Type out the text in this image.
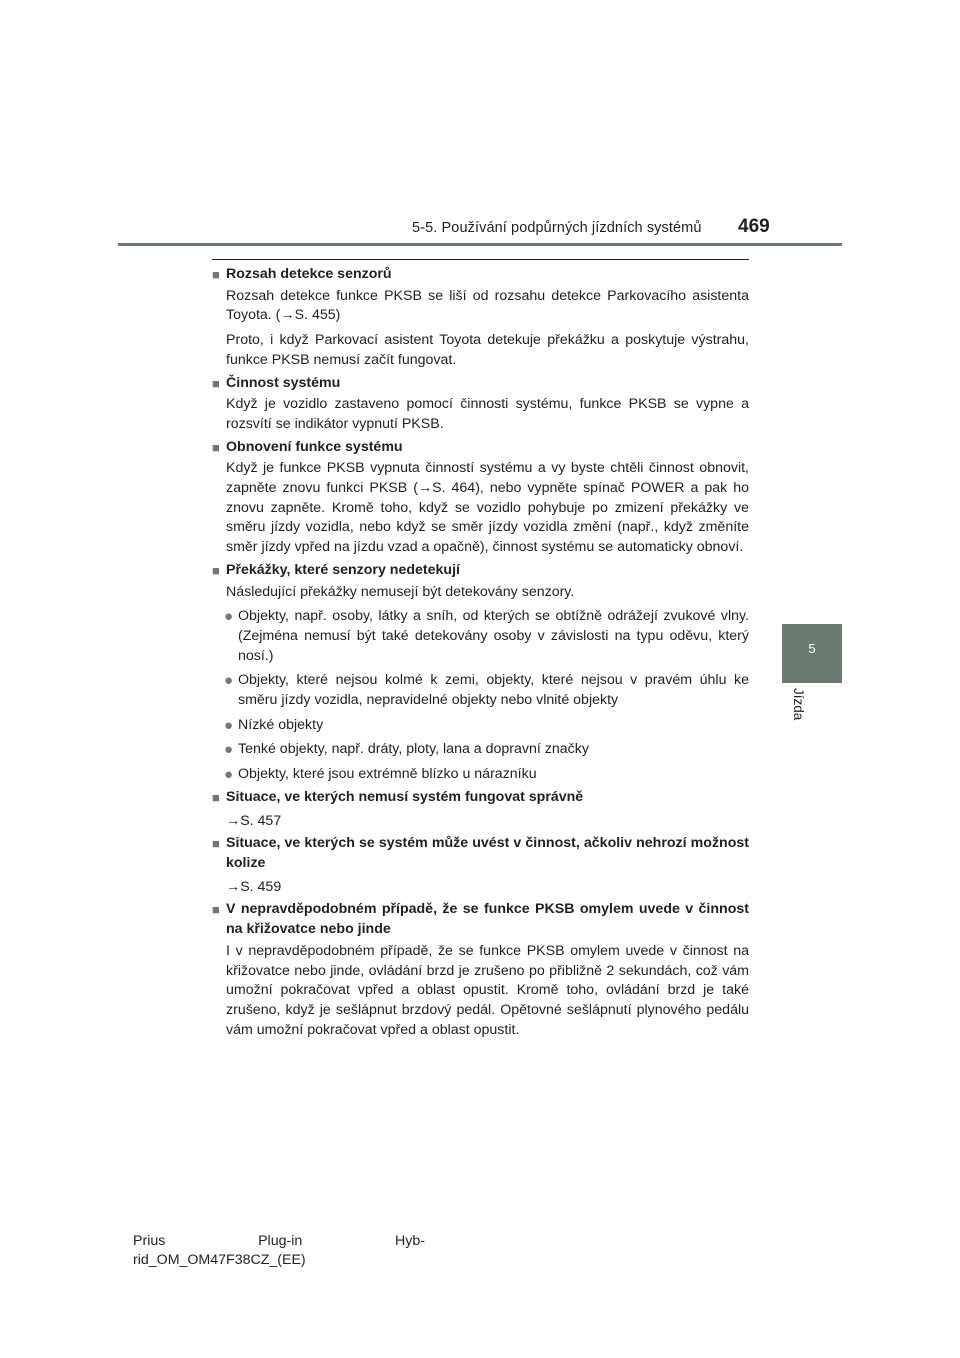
5-5. Používání podpůrných jízdních systémů 469
5
Jízda
■ Rozsah detekce senzorů

Rozsah detekce funkce PKSB se liší od rozsahu detekce Parkovacího asistenta Toyota. (→S. 455)

Proto, i když Parkovací asistent Toyota detekuje překážku a poskytuje výstrahu, funkce PKSB nemusí začít fungovat.

■ Činnost systému

Když je vozidlo zastaveno pomocí činnosti systému, funkce PKSB se vypne a rozsvítí se indikátor vypnutí PKSB.

■ Obnovení funkce systému

Když je funkce PKSB vypnuta činností systému a vy byste chtěli činnost obnovit, zapněte znovu funkci PKSB (→S. 464), nebo vypněte spínač POWER a pak ho znovu zapněte. Kromě toho, když se vozidlo pohybuje po zmizení překážky ve směru jízdy vozidla, nebo když se směr jízdy vozidla změní (např., když změníte směr jízdy vpřed na jízdu vzad a opačně), činnost systému se automaticky obnoví.

■ Překážky, které senzory nedetekují

Následující překážky nemusejí být detekovány senzory.

● Objekty, např. osoby, látky a sníh, od kterých se obtížně odrážejí zvukové vlny. (Zejména nemusí být také detekovány osoby v závislosti na typu oděvu, který nosí.)
● Objekty, které nejsou kolmé k zemi, objekty, které nejsou v pravém úhlu ke směru jízdy vozidla, nepravidelné objekty nebo vlnité objekty
● Nízké objekty
● Tenké objekty, např. dráty, ploty, lana a dopravní značky
● Objekty, které jsou extrémně blízko u nárazníku
■ Situace, ve kterých nemusí systém fungovat správně

→S. 457

■ Situace, ve kterých se systém může uvést v činnost, ačkoliv nehrozí možnost kolize

→S. 459

■ V nepravděpodobném případě, že se funkce PKSB omylem uvede v činnost na křižovatce nebo jinde

I v nepravděpodobném případě, že se funkce PKSB omylem uvede v činnost na křižovatce nebo jinde, ovládání brzd je zrušeno po přibližně 2 sekundách, což vám umožní pokračovat vpřed a oblast opustit. Kromě toho, ovládání brzd je také zrušeno, když je sešlápnut brzdový pedál. Opětovné sešlápnutí plynového pedálu vám umožní pokračovat vpřed a oblast opustit.

Prius	Plug-in	Hyb-
rid_OM_OM47F38CZ_(EE)
